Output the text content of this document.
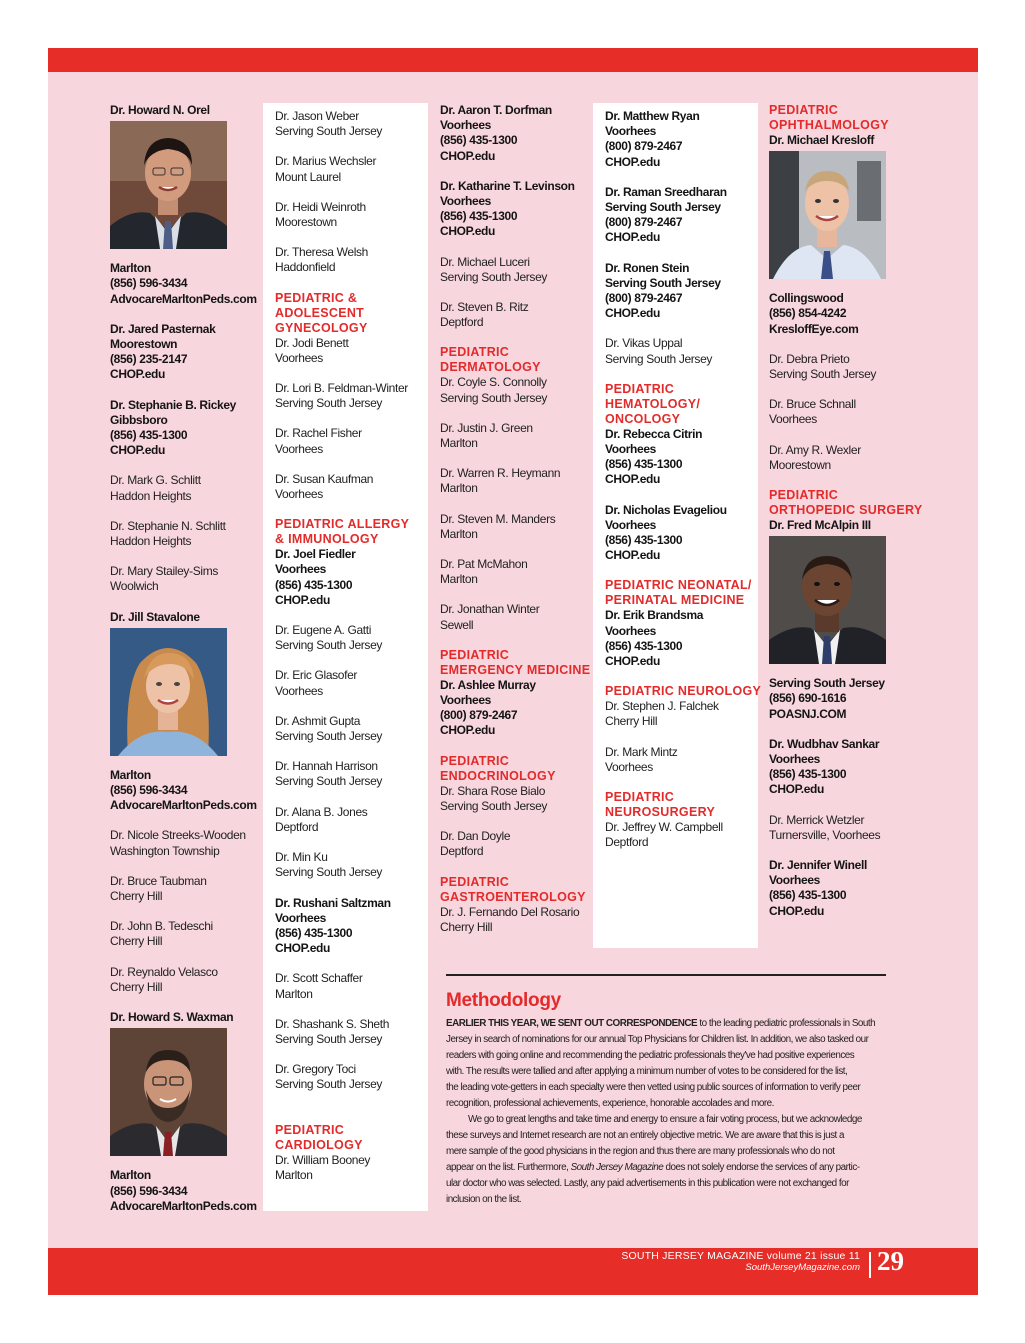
Dr. Howard N. Orel
Marlton
(856) 596-3434
AdvocareMarltonPeds.com
Dr. Jared Pasternak
Moorestown
(856) 235-2147
CHOP.edu
Dr. Stephanie B. Rickey
Gibbsboro
(856) 435-1300
CHOP.edu
Dr. Mark G. Schlitt
Haddon Heights
Dr. Stephanie N. Schlitt
Haddon Heights
Dr. Mary Stailey-Sims
Woolwich
Dr. Jill Stavalone
Marlton
(856) 596-3434
AdvocareMarltonPeds.com
Dr. Nicole Streeks-Wooden
Washington Township
Dr. Bruce Taubman
Cherry Hill
Dr. John B. Tedeschi
Cherry Hill
Dr. Reynaldo Velasco
Cherry Hill
Dr. Howard S. Waxman
Marlton
(856) 596-3434
AdvocareMarltonPeds.com
Dr. Jason Weber
Serving South Jersey
Dr. Marius Wechsler
Mount Laurel
Dr. Heidi Weinroth
Moorestown
Dr. Theresa Welsh
Haddonfield
PEDIATRIC &
ADOLESCENT
GYNECOLOGY
Dr. Jodi Benett
Voorhees
Dr. Lori B. Feldman-Winter
Serving South Jersey
Dr. Rachel Fisher
Voorhees
Dr. Susan Kaufman
Voorhees
PEDIATRIC ALLERGY
& IMMUNOLOGY
Dr. Joel Fiedler
Voorhees
(856) 435-1300
CHOP.edu
Dr. Eugene A. Gatti
Serving South Jersey
Dr. Eric Glasofer
Voorhees
Dr. Ashmit Gupta
Serving South Jersey
Dr. Hannah Harrison
Serving South Jersey
Dr. Alana B. Jones
Deptford
Dr. Min Ku
Serving South Jersey
Dr. Rushani Saltzman
Voorhees
(856) 435-1300
CHOP.edu
Dr. Scott Schaffer
Marlton
Dr. Shashank S. Sheth
Serving South Jersey
Dr. Gregory Toci
Serving South Jersey
PEDIATRIC
CARDIOLOGY
Dr. William Booney
Marlton
Dr. Aaron T. Dorfman
Voorhees
(856) 435-1300
CHOP.edu
Dr. Katharine T. Levinson
Voorhees
(856) 435-1300
CHOP.edu
Dr. Michael Luceri
Serving South Jersey
Dr. Steven B. Ritz
Deptford
PEDIATRIC
DERMATOLOGY
Dr. Coyle S. Connolly
Serving South Jersey
Dr. Justin J. Green
Marlton
Dr. Warren R. Heymann
Marlton
Dr. Steven M. Manders
Marlton
Dr. Pat McMahon
Marlton
Dr. Jonathan Winter
Sewell
PEDIATRIC
EMERGENCY MEDICINE
Dr. Ashlee Murray
Voorhees
(800) 879-2467
CHOP.edu
PEDIATRIC
ENDOCRINOLOGY
Dr. Shara Rose Bialo
Serving South Jersey
Dr. Dan Doyle
Deptford
PEDIATRIC
GASTROENTEROLOGY
Dr. J. Fernando Del Rosario
Cherry Hill
Dr. Matthew Ryan
Voorhees
(800) 879-2467
CHOP.edu
Dr. Raman Sreedharan
Serving South Jersey
(800) 879-2467
CHOP.edu
Dr. Ronen Stein
Serving South Jersey
(800) 879-2467
CHOP.edu
Dr. Vikas Uppal
Serving South Jersey
PEDIATRIC
HEMATOLOGY/
ONCOLOGY
Dr. Rebecca Citrin
Voorhees
(856) 435-1300
CHOP.edu
Dr. Nicholas Evageliou
Voorhees
(856) 435-1300
CHOP.edu
PEDIATRIC NEONATAL/
PERINATAL MEDICINE
Dr. Erik Brandsma
Voorhees
(856) 435-1300
CHOP.edu
PEDIATRIC NEUROLOGY
Dr. Stephen J. Falchek
Cherry Hill
Dr. Mark Mintz
Voorhees
PEDIATRIC
NEUROSURGERY
Dr. Jeffrey W. Campbell
Deptford
PEDIATRIC
OPHTHALMOLOGY
Dr. Michael Kresloff
Collingswood
(856) 854-4242
KresloffEye.com
Dr. Debra Prieto
Serving South Jersey
Dr. Bruce Schnall
Voorhees
Dr. Amy R. Wexler
Moorestown
PEDIATRIC
ORTHOPEDIC SURGERY
Dr. Fred McAlpin III
Serving South Jersey
(856) 690-1616
POASNJ.COM
Dr. Wudbhav Sankar
Voorhees
(856) 435-1300
CHOP.edu
Dr. Merrick Wetzler
Turnersville, Voorhees
Dr. Jennifer Winell
Voorhees
(856) 435-1300
CHOP.edu
Methodology
EARLIER THIS YEAR, WE SENT OUT CORRESPONDENCE to the leading pediatric professionals in South
Jersey in search of nominations for our annual Top Physicians for Children list. In addition, we also tasked our
readers with going online and recommending the pediatric professionals they've had positive experiences
with. The results were tallied and after applying a minimum number of votes to be considered for the list,
the leading vote-getters in each specialty were then vetted using public sources of information to verify peer
recognition, professional achievements, experience, honorable accolades and more.
We go to great lengths and take time and energy to ensure a fair voting process, but we acknowledge
these surveys and Internet research are not an entirely objective metric. We are aware that this is just a
mere sample of the good physicians in the region and thus there are many professionals who do not
appear on the list. Furthermore, South Jersey Magazine does not solely endorse the services of any partic-
ular doctor who was selected. Lastly, any paid advertisements in this publication were not exchanged for
inclusion on the list.
SOUTH JERSEY MAGAZINE volume 21 issue 11
SouthJerseyMagazine.com 29
